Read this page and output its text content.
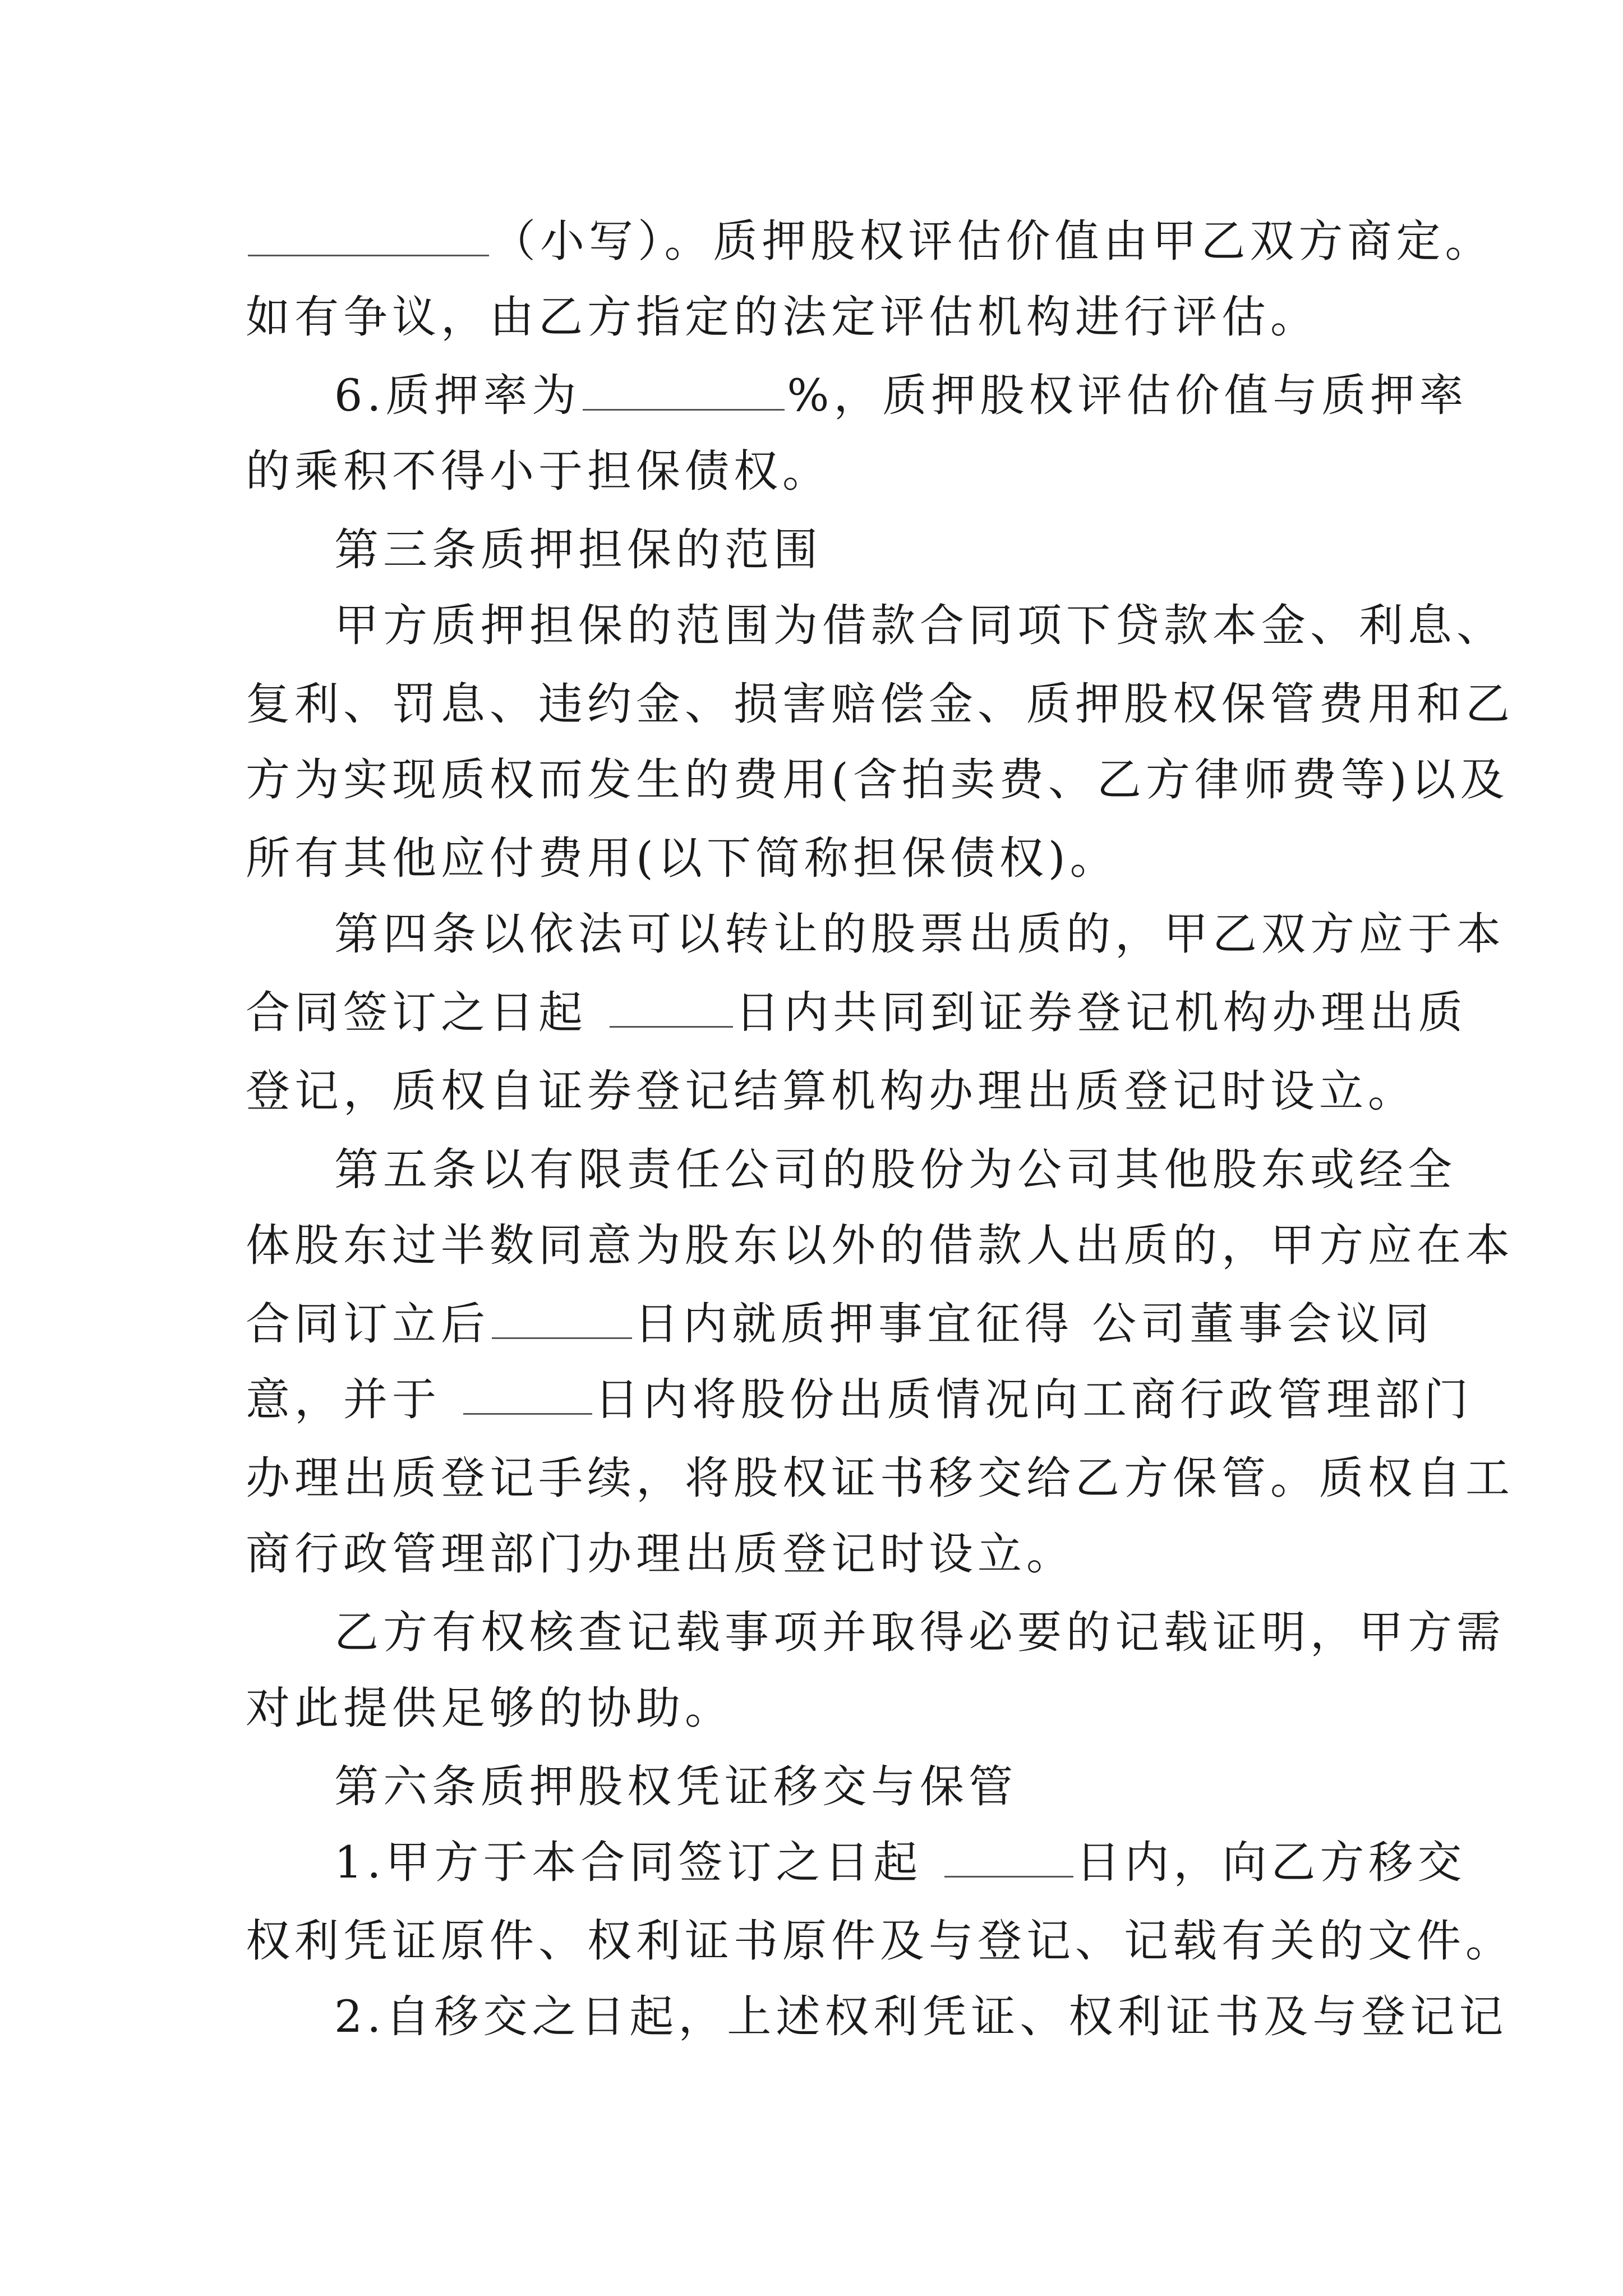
（小写）。质押股权评估价值由甲乙双方商定。
如有争议，由乙方指定的法定评估机构进行评估。
6.质押率为	%，质押股权评估价值与质押率
的乘积不得小于担保债权。
第三条质押担保的范围
甲方质押担保的范围为借款合同项下贷款本金、利息、
复利、罚息、违约金、损害赔偿金、质押股权保管费用和乙
方为实现质权而发生的费用(含拍卖费、乙方律师费等)以及
所有其他应付费用(以下简称担保债权)。
第四条以依法可以转让的股票出质的，甲乙双方应于本
合同签订之日起	日内共同到证券登记机构办理出质
登记，质权自证券登记结算机构办理出质登记时设立。
第五条以有限责任公司的股份为公司其他股东或经全
体股东过半数同意为股东以外的借款人出质的，甲方应在本
合同订立后	日内就质押事宜征得 公司董事会议同
意，并于	日内将股份出质情况向工商行政管理部门
办理出质登记手续，将股权证书移交给乙方保管。质权自工
商行政管理部门办理出质登记时设立。
乙方有权核查记载事项并取得必要的记载证明，甲方需
对此提供足够的协助。
第六条质押股权凭证移交与保管
1.甲方于本合同签订之日起	日内，向乙方移交
权利凭证原件、权利证书原件及与登记、记载有关的文件。
2.自移交之日起，上述权利凭证、权利证书及与登记记
